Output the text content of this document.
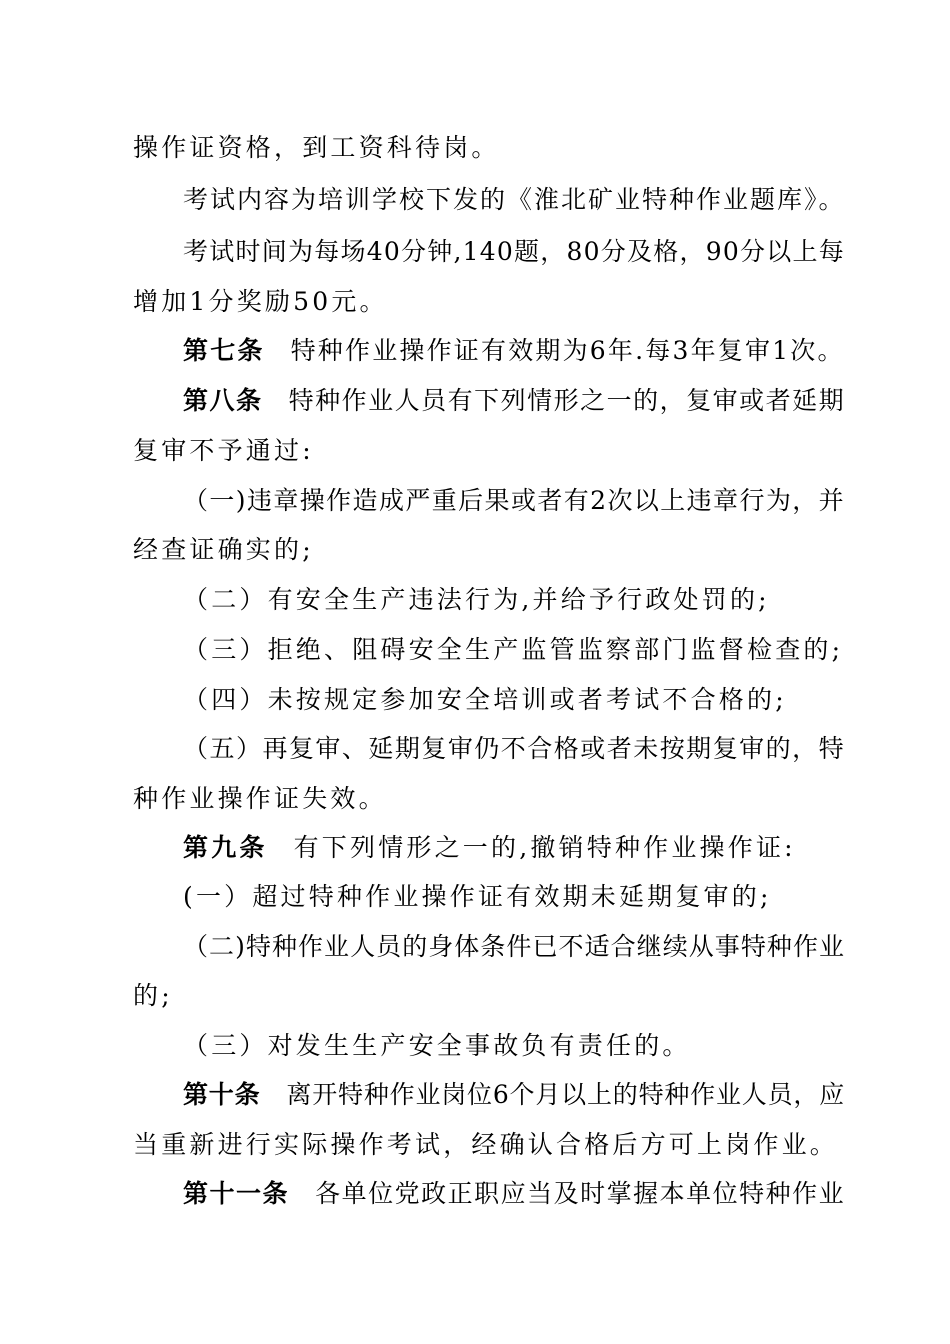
操作证资格，到工资科待岗。
考试内容为培训学校下发的《淮北矿业特种作业题库》。
考试时间为每场40分钟,140题，80分及格，90分以上每
增加1分奖励50元。
第七条 特种作业操作证有效期为6年.每3年复审1次。
第八条 特种作业人员有下列情形之一的，复审或者延期
复审不予通过:
（一)违章操作造成严重后果或者有2次以上违章行为，并
经查证确实的;
（二）有安全生产违法行为,并给予行政处罚的;
（三）拒绝、阻碍安全生产监管监察部门监督检查的;
（四）未按规定参加安全培训或者考试不合格的;
（五）再复审、延期复审仍不合格或者未按期复审的，特
种作业操作证失效。
第九条 有下列情形之一的,撤销特种作业操作证:
(一）超过特种作业操作证有效期未延期复审的;
（二)特种作业人员的身体条件已不适合继续从事特种作业
的;
（三）对发生生产安全事故负有责任的。
第十条 离开特种作业岗位6个月以上的特种作业人员，应
当重新进行实际操作考试，经确认合格后方可上岗作业。
第十一条 各单位党政正职应当及时掌握本单位特种作业
